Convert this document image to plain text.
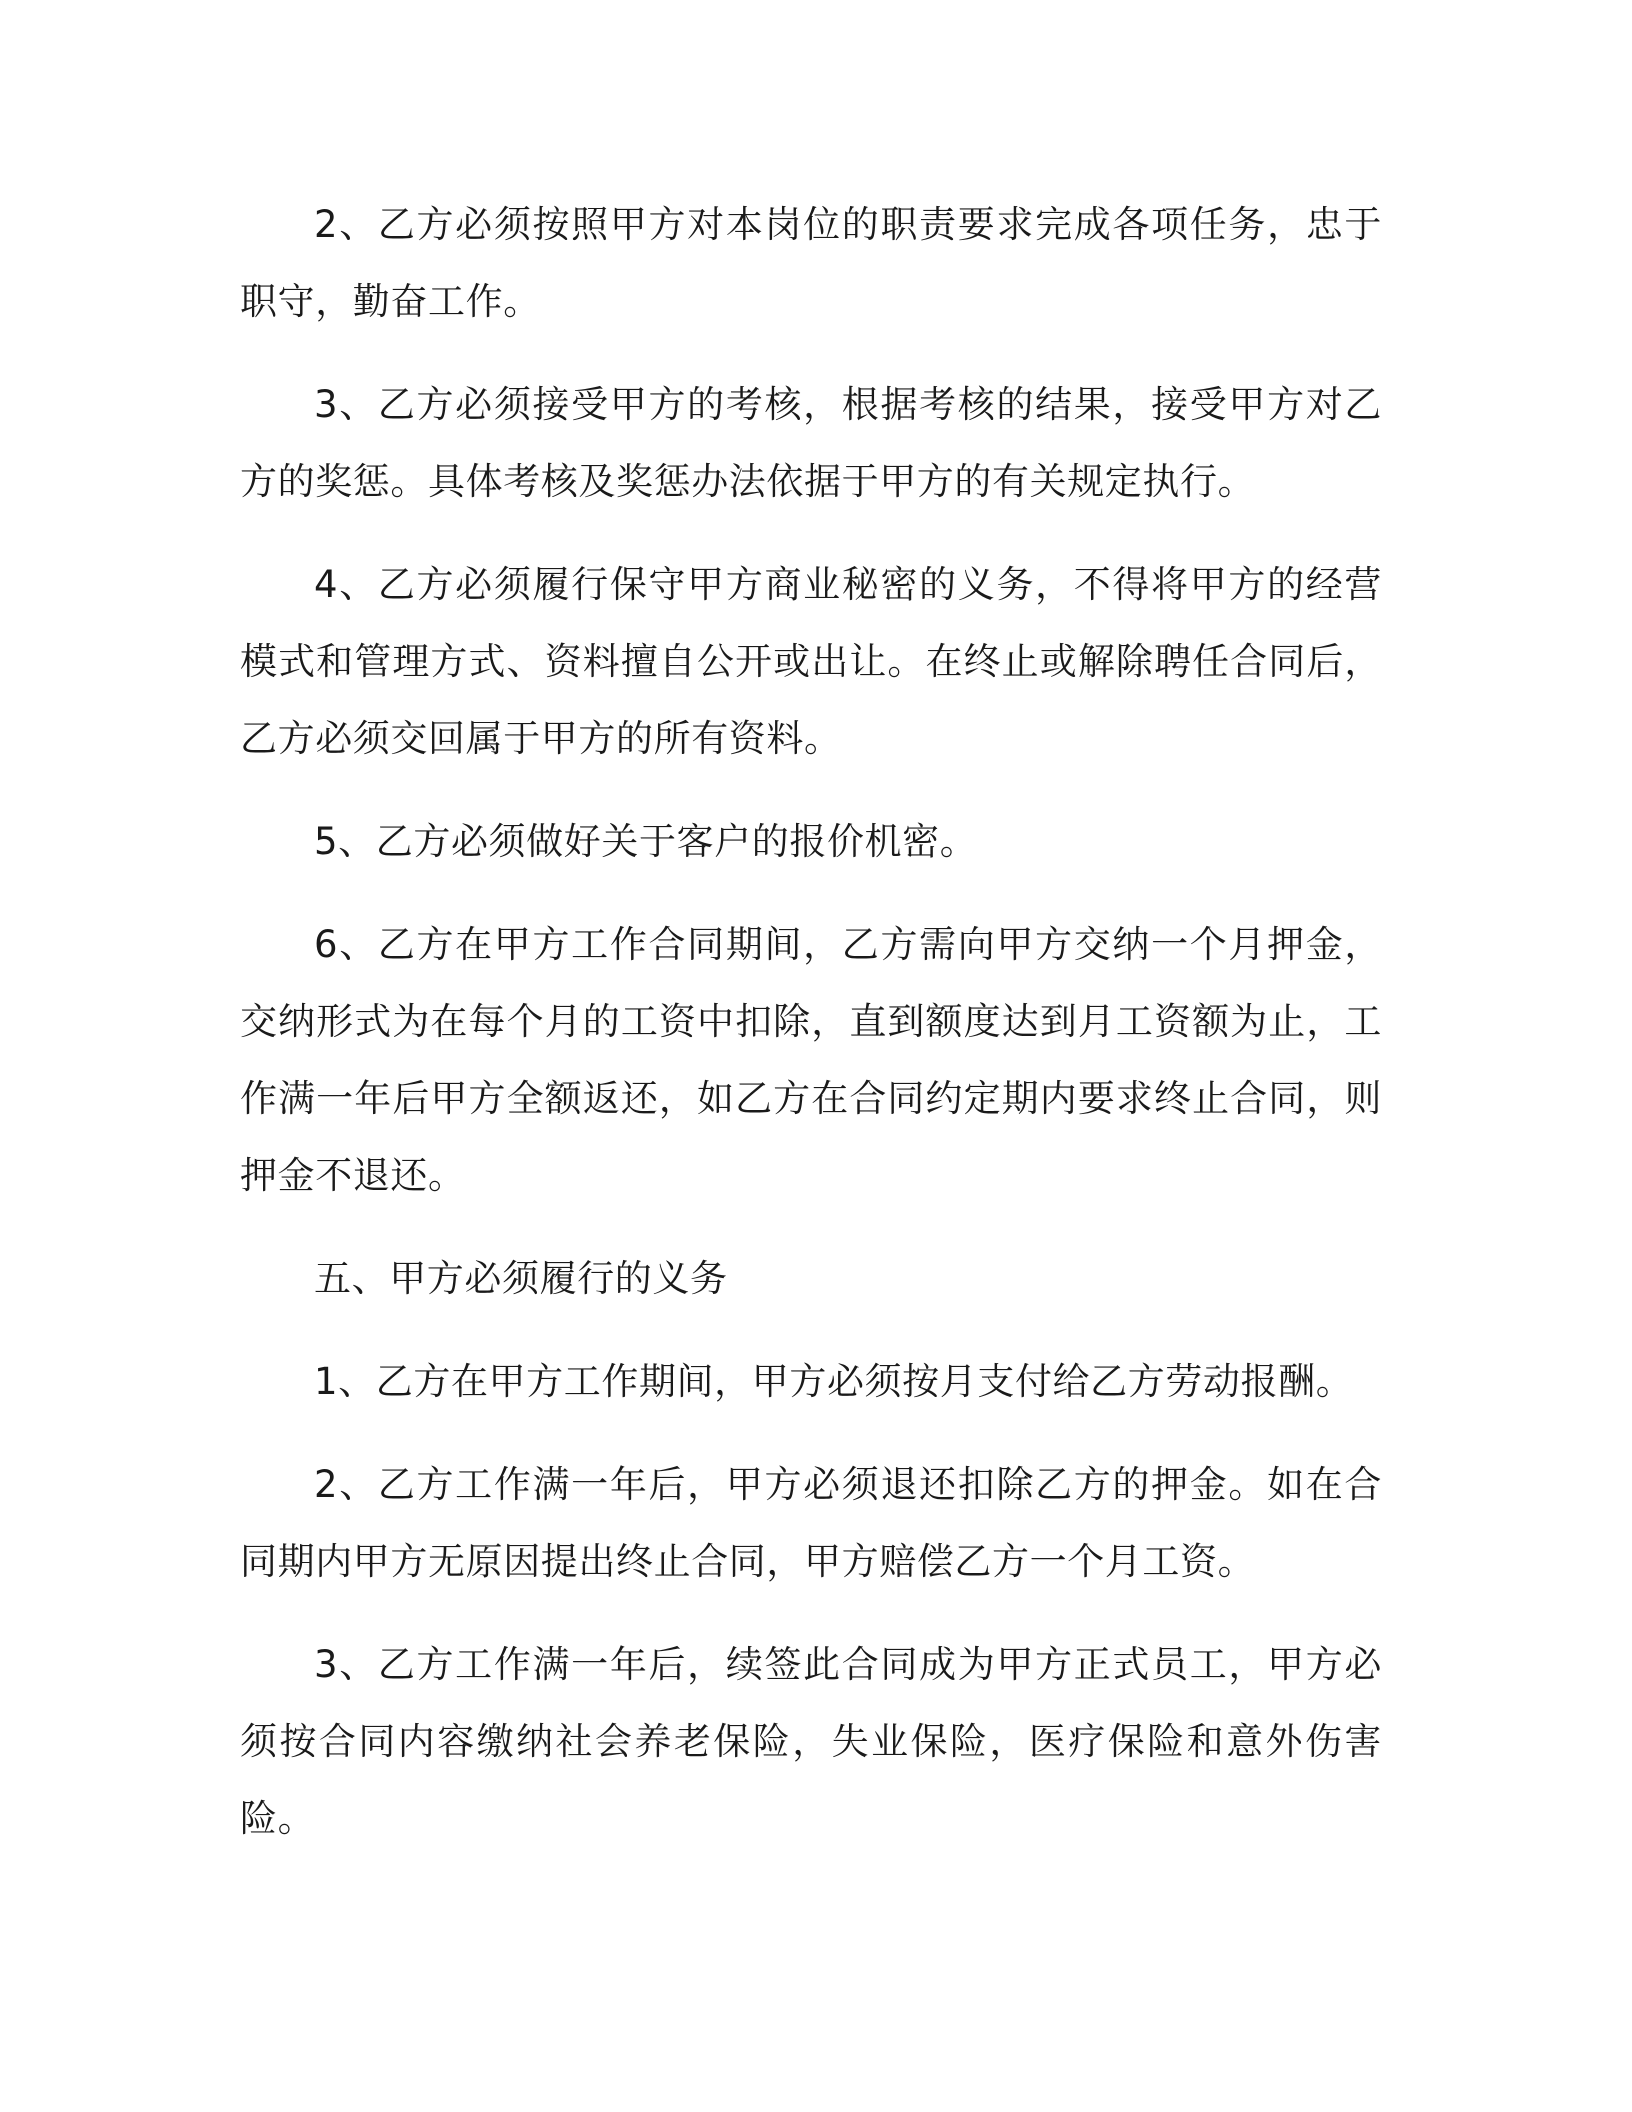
2、乙方必须按照甲方对本岗位的职责要求完成各项任务，忠于职守，勤奋工作。

3、乙方必须接受甲方的考核，根据考核的结果，接受甲方对乙方的奖惩。具体考核及奖惩办法依据于甲方的有关规定执行。

4、乙方必须履行保守甲方商业秘密的义务，不得将甲方的经营模式和管理方式、资料擅自公开或出让。在终止或解除聘任合同后，乙方必须交回属于甲方的所有资料。

5、乙方必须做好关于客户的报价机密。

6、乙方在甲方工作合同期间，乙方需向甲方交纳一个月押金，交纳形式为在每个月的工资中扣除，直到额度达到月工资额为止，工作满一年后甲方全额返还，如乙方在合同约定期内要求终止合同，则押金不退还。

五、甲方必须履行的义务

1、乙方在甲方工作期间，甲方必须按月支付给乙方劳动报酬。

2、乙方工作满一年后，甲方必须退还扣除乙方的押金。如在合同期内甲方无原因提出终止合同，甲方赔偿乙方一个月工资。

3、乙方工作满一年后，续签此合同成为甲方正式员工，甲方必须按合同内容缴纳社会养老保险，失业保险，医疗保险和意外伤害险。
